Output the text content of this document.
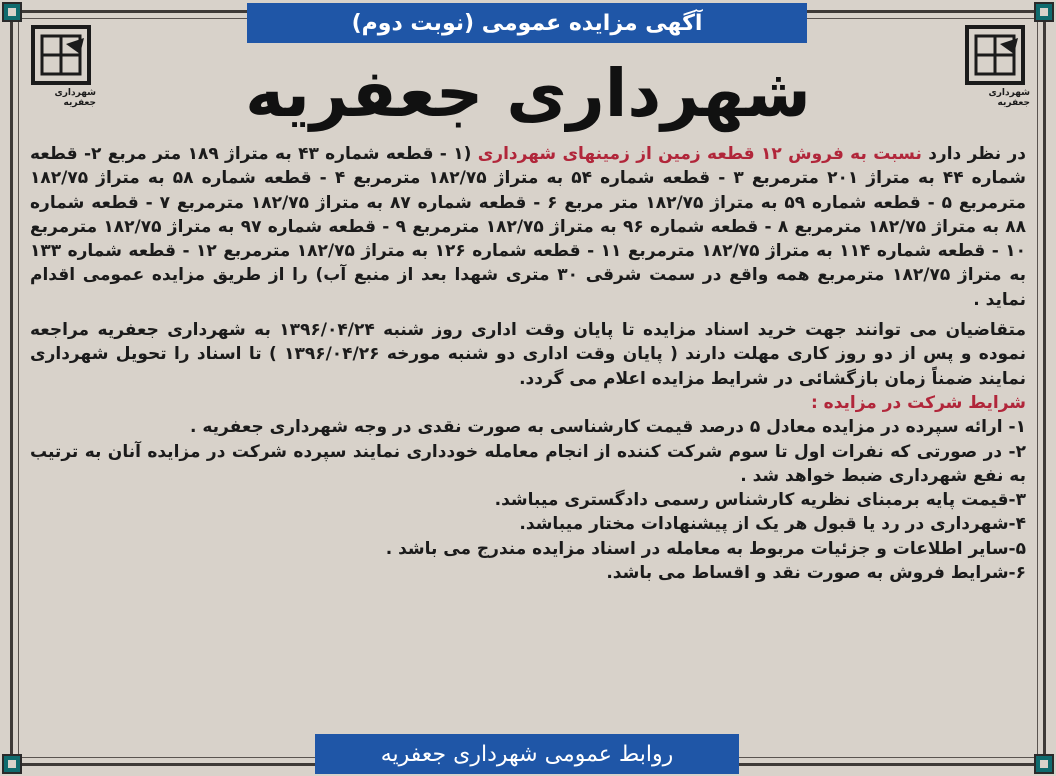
آگهی مزایده عمومی (نوبت دوم)
شهرداری جعفریه
شهرداری جعفریه
شهرداری جعفریه

در نظر دارد نسبت به فروش ۱۲ قطعه زمین از زمینهای شهرداری (۱ - قطعه شماره ۴۳ به متراژ ۱۸۹ متر مربع ۲- قطعه شماره ۴۴ به متراژ ۲۰۱ مترمربع ۳ - قطعه شماره ۵۴ به متراژ ۱۸۲/۷۵ مترمربع ۴ - قطعه شماره ۵۸ به متراژ ۱۸۲/۷۵ مترمربع ۵ - قطعه شماره ۵۹ به متراژ ۱۸۲/۷۵ متر مربع ۶ - قطعه شماره ۸۷ به متراژ ۱۸۲/۷۵ مترمربع ۷ - قطعه شماره ۸۸ به متراژ ۱۸۲/۷۵ مترمربع ۸ - قطعه شماره ۹۶ به متراژ ۱۸۲/۷۵ مترمربع ۹ - قطعه شماره ۹۷ به متراژ ۱۸۲/۷۵ مترمربع ۱۰ - قطعه شماره ۱۱۴ به متراژ ۱۸۲/۷۵ مترمربع ۱۱ - قطعه شماره ۱۲۶ به متراژ ۱۸۲/۷۵ مترمربع ۱۲ - قطعه شماره ۱۳۳ به متراژ ۱۸۲/۷۵ مترمربع همه واقع در سمت شرقی ۳۰ متری شهدا بعد از منبع آب) را از طریق مزایده عمومی اقدام نماید .

متقاضیان می توانند جهت خرید اسناد مزایده تا پایان وقت اداری روز شنبه ۱۳۹۶/۰۴/۲۴ به شهرداری جعفریه مراجعه نموده و پس از دو روز کاری مهلت دارند ( پایان وقت اداری دو شنبه مورخه ۱۳۹۶/۰۴/۲۶ ) تا اسناد را تحویل شهرداری نمایند ضمناً زمان بازگشائی در شرایط مزایده اعلام می گردد.

شرایط شرکت در مزایده :

۱- ارائه سپرده در مزایده معادل ۵ درصد قیمت کارشناسی به صورت نقدی در وجه شهرداری جعفریه .

۲- در صورتی که نفرات اول تا سوم شرکت کننده از انجام معامله خودداری نمایند سپرده شرکت در مزایده آنان به ترتیب به نفع شهرداری ضبط خواهد شد .

۳-قیمت پایه برمبنای نظریه کارشناس رسمی دادگستری میباشد.

۴-شهرداری در رد یا قبول هر یک از پیشنهادات مختار میباشد.

۵-سایر اطلاعات و جزئیات مربوط به معامله در اسناد مزایده مندرج می باشد .

۶-شرایط فروش به صورت نقد و اقساط می باشد.

روابط عمومی شهرداری جعفریه
